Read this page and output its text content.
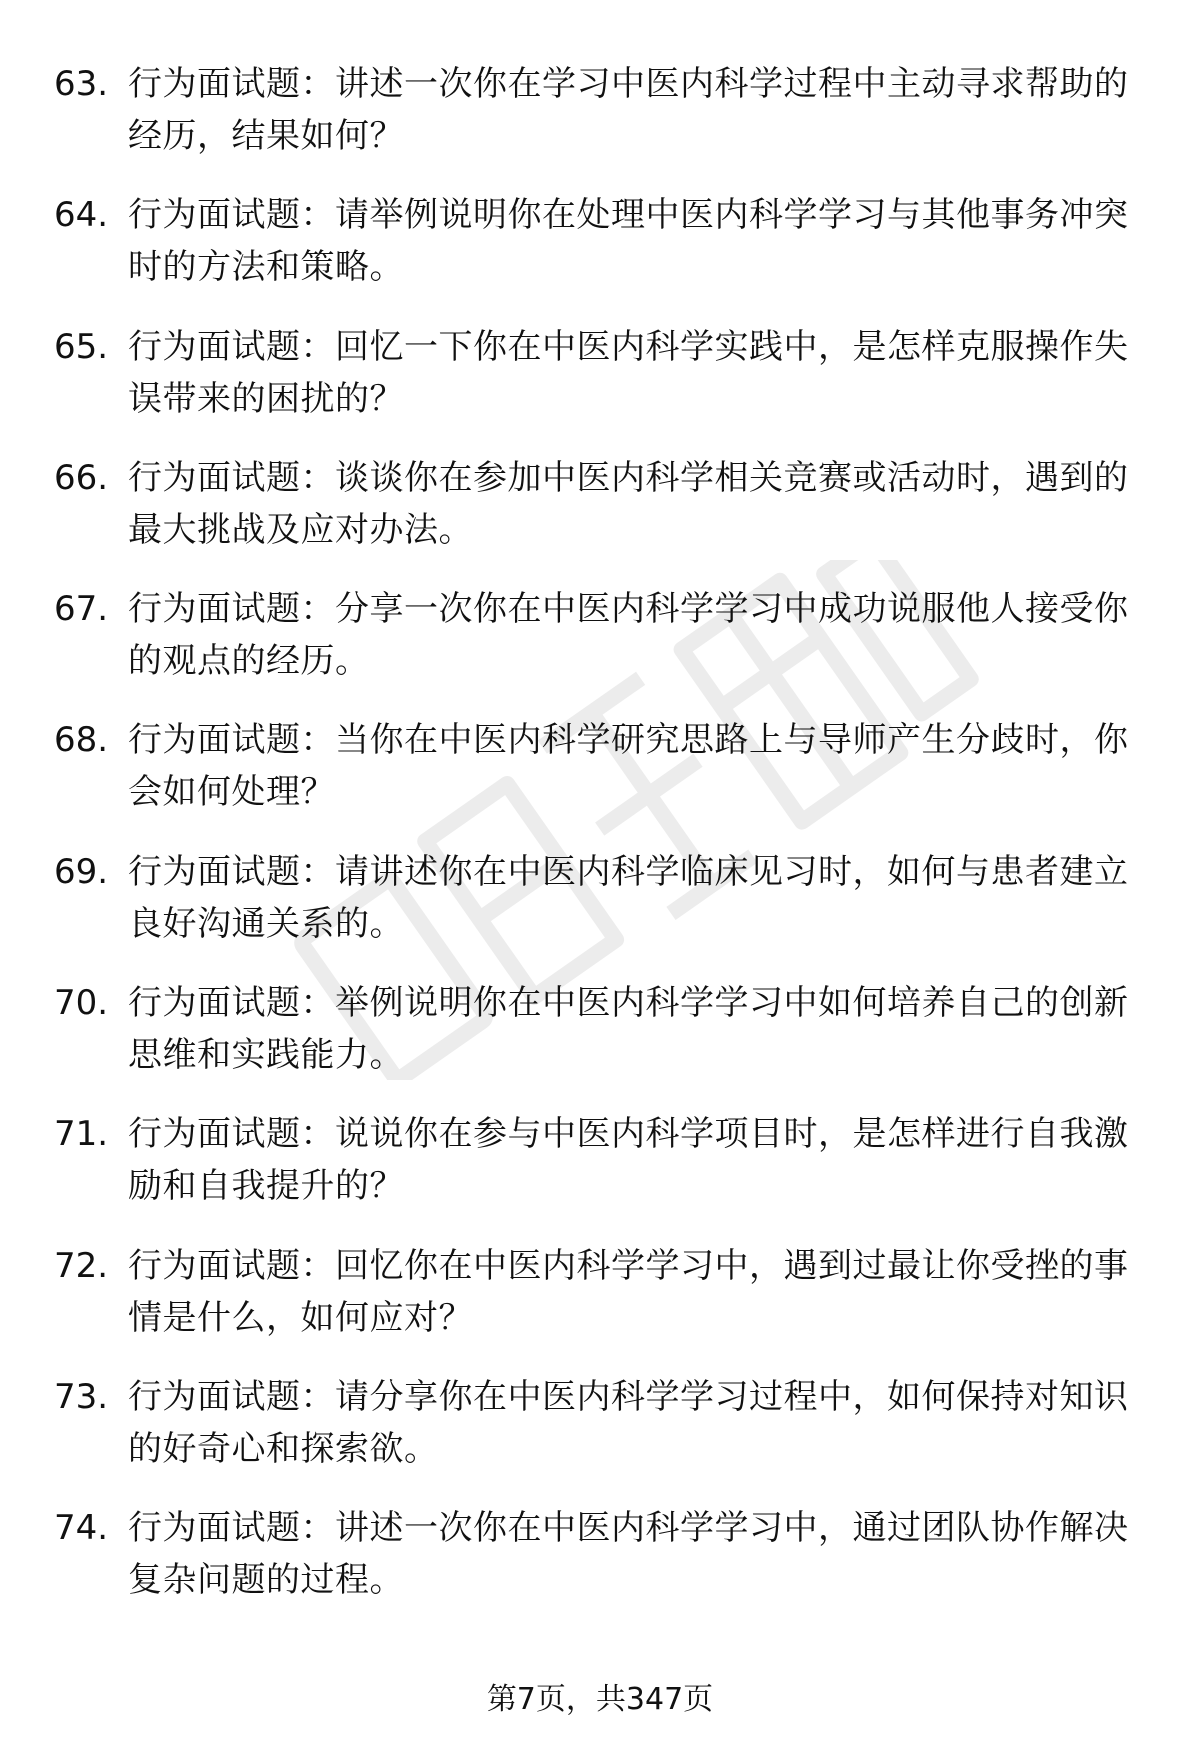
63. 行为面试题：讲述一次你在学习中医内科学过程中主动寻求帮助的经历，结果如何？
64. 行为面试题：请举例说明你在处理中医内科学学习与其他事务冲突时的方法和策略。
65. 行为面试题：回忆一下你在中医内科学实践中，是怎样克服操作失误带来的困扰的？
66. 行为面试题：谈谈你在参加中医内科学相关竞赛或活动时，遇到的最大挑战及应对办法。
67. 行为面试题：分享一次你在中医内科学学习中成功说服他人接受你的观点的经历。
68. 行为面试题：当你在中医内科学研究思路上与导师产生分歧时，你会如何处理？
69. 行为面试题：请讲述你在中医内科学临床见习时，如何与患者建立良好沟通关系的。
70. 行为面试题：举例说明你在中医内科学学习中如何培养自己的创新思维和实践能力。
71. 行为面试题：说说你在参与中医内科学项目时，是怎样进行自我激励和自我提升的？
72. 行为面试题：回忆你在中医内科学学习中，遇到过最让你受挫的事情是什么，如何应对？
73. 行为面试题：请分享你在中医内科学学习过程中，如何保持对知识的好奇心和探索欲。
74. 行为面试题：讲述一次你在中医内科学学习中，通过团队协作解决复杂问题的过程。
第7页，共347页
